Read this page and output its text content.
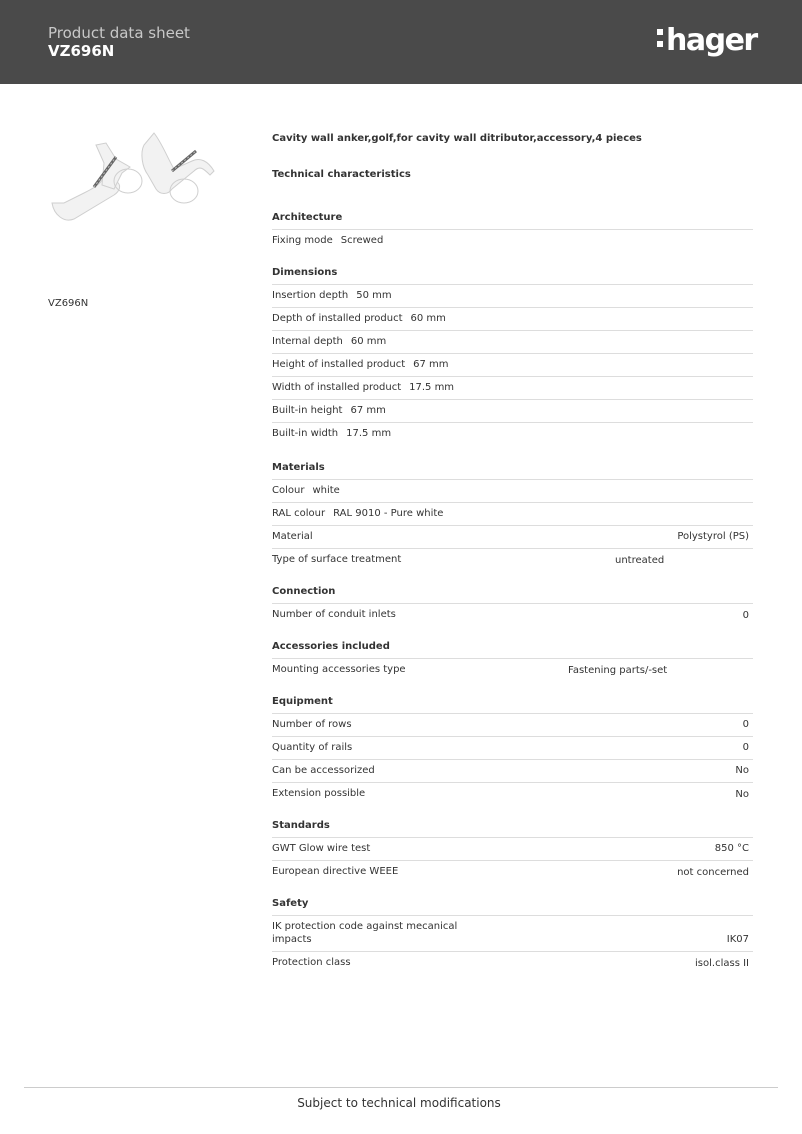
Product data sheet
VZ696N	hager
VZ696N
Cavity wall anker,golf,for cavity wall ditributor,accessory,4 pieces
Technical characteristics
Architecture
Fixing mode Screwed
Dimensions
Insertion depth 50 mm
Depth of installed product 60 mm
Internal depth 60 mm
Height of installed product 67 mm
Width of installed product 17.5 mm
Built-in height 67 mm
Built-in width 17.5 mm
Materials
Colour white
RAL colour RAL 9010 - Pure white
Material	Polystyrol (PS)
Type of surface treatment	untreated
Connection
Number of conduit inlets	0
Accessories included
Mounting accessories type	Fastening parts/-set
Equipment
Number of rows	0
Quantity of rails	0
Can be accessorized	No
Extension possible	No
Standards
GWT Glow wire test	850 °C
European directive WEEE	not concerned
Safety
IK protection code against mecanical impacts	IK07
Protection class	isol.class II
Subject to technical modifications
